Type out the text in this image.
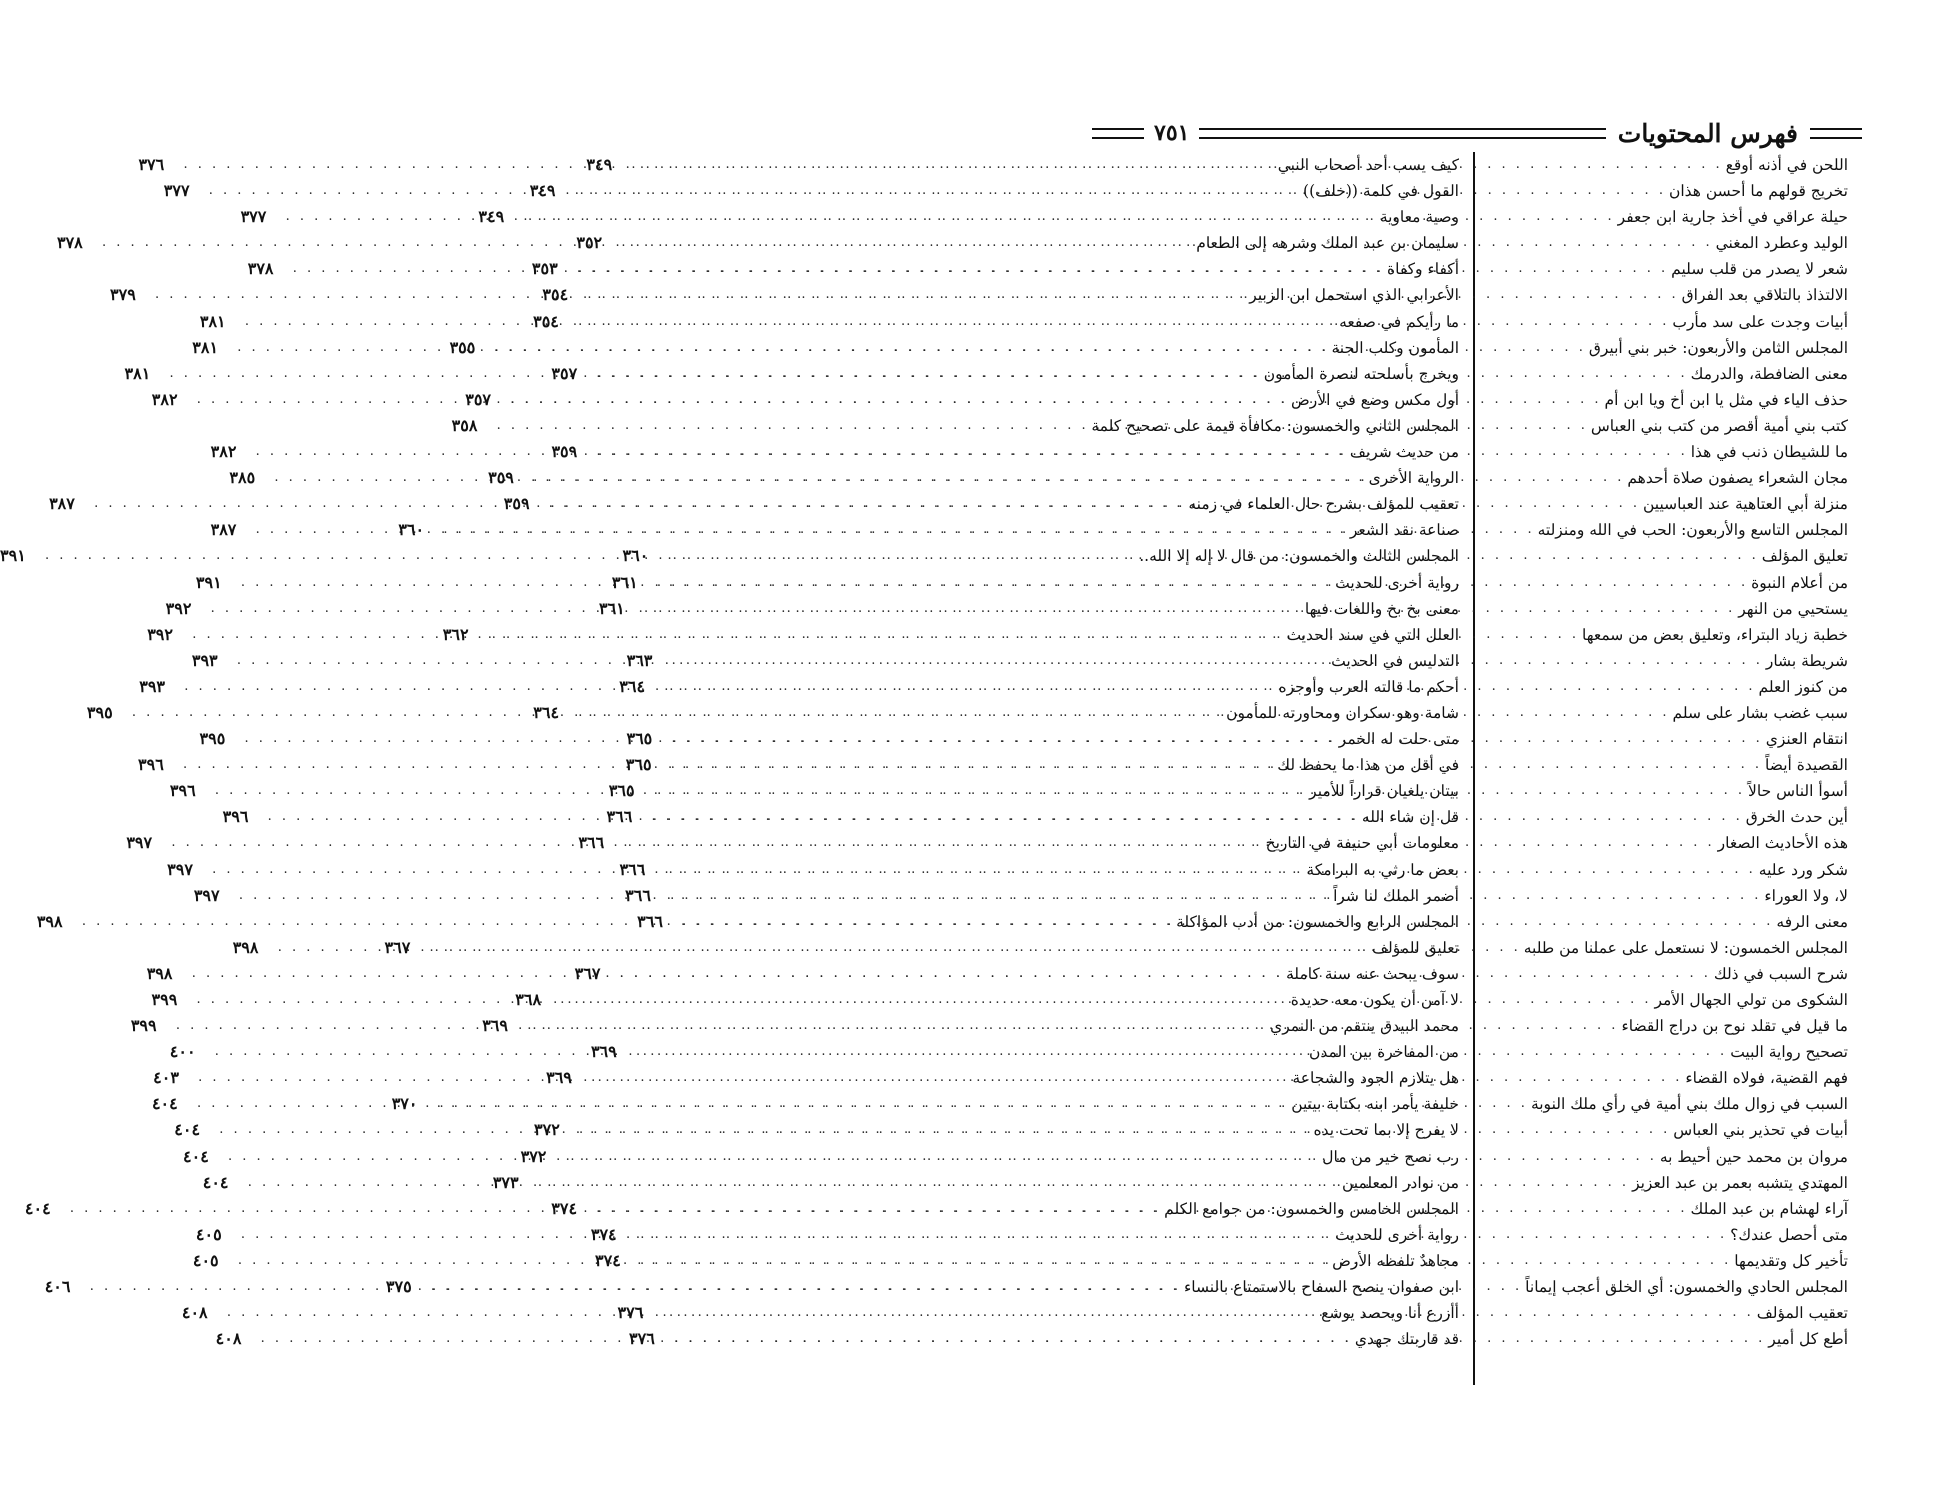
فهرس المحتويات
٧٥١
اللحن في أذنه أوقع
. . .
٣٤٩
تخريج قولهم ما أحسن هذان
. . .
٣٤٩
حيلة عراقي في أخذ جارية ابن جعفر
. . .
٣٤٩
الوليد وعطرد المغني
. . .
٣٥٢
شعر لا يصدر من قلب سليم
. . .
٣٥٣
الالتذاذ بالتلاقي بعد الفراق
. . .
٣٥٤
أبيات وجدت على سد مأرب
. . .
٣٥٤
المجلس الثامن والأربعون: خبر بني أبيرق
. . .
٣٥٥
معنى الضافطة، والدرمك
. . .
٣٥٧
حذف الياء في مثل يا ابن أخ ويا ابن أم
. . .
٣٥٧
كتب بني أمية أقصر من كتب بني العباس
. . .
٣٥٨
ما للشيطان ذنب في هذا
. . .
٣٥٩
مجان الشعراء يصفون صلاة أحدهم
. . .
٣٥٩
منزلة أبي العتاهية عند العباسيين
. . .
٣٥٩
المجلس التاسع والأربعون: الحب في الله ومنزلته
. . .
٣٦٠
تعليق المؤلف
. . .
٣٦٠
من أعلام النبوة
. . .
٣٦١
يستحيي من النهر
. . .
٣٦١
خطبة زياد البتراء، وتعليق بعض من سمعها
. . .
٣٦٢
شريطة بشار
. . .
٣٦٣
من كنوز العلم
. . .
٣٦٤
سبب غضب بشار على سلم
. . .
٣٦٤
انتقام العنزي
. . .
٣٦٥
القصيدة أيضاً
. . .
٣٦٥
أسوأ الناس حالاً
. . .
٣٦٥
أين حدث الخرق
. . .
٣٦٦
هذه الأحاديث الصغار
. . .
٣٦٦
شكر ورد عليه
. . .
٣٦٦
لا، ولا العوراء
. . .
٣٦٦
معنى الرفه
. . .
٣٦٦
المجلس الخمسون: لا نستعمل على عملنا من طلبه
. . .
٣٦٧
شرح السبب في ذلك
. . .
٣٦٧
الشكوى من تولي الجهال الأمر
. . .
٣٦٨
ما قيل في تقلد نوح بن دراج القضاء
. . .
٣٦٩
تصحيح رواية البيت
. . .
٣٦٩
فهم القضية، فولاه القضاء
. . .
٣٦٩
السبب في زوال ملك بني أمية في رأي ملك النوبة
. . .
٣٧٠
أبيات في تحذير بني العباس
. . .
٣٧٢
مروان بن محمد حين أحيط به
. . .
٣٧٢
المهتدي يتشبه بعمر بن عبد العزيز
. . .
٣٧٣
آراء لهشام بن عبد الملك
. . .
٣٧٤
متى أحصل عندك؟
. . .
٣٧٤
تأخير كل وتقديمها
. . .
٣٧٤
المجلس الحادي والخمسون: أي الخلق أعجب إيماناً
. . .
٣٧٥
تعقيب المؤلف
. . .
٣٧٦
أطع كل أمير
. . .
٣٧٦
كيف يسب أحد أصحاب النبي
. . .
٣٧٦
القول في كلمة ((خلف))
. . .
٣٧٧
وصية معاوية
. . .
٣٧٧
سليمان بن عبد الملك وشرهه إلى الطعام
. . .
٣٧٨
أكفاء وكفاة
. . .
٣٧٨
الأعرابي الذي استحمل ابن الزبير
. . .
٣٧٩
ما رأيكم في صفعه
. . .
٣٨١
المأمون وكلب الجنة
. . .
٣٨١
ويخرج بأسلحته لنصرة المأمون
. . .
٣٨١
أول مكس وضع في الأرض
. . .
٣٨٢
المجلس الثاني والخمسون: مكافأة قيمة على تصحيح كلمة
من حديث شريف
. . .
٣٨٢
الرواية الأخرى
. . .
٣٨٥
تعقيب للمؤلف بشرح حال العلماء في زمنه
. . .
٣٨٧
صناعة نقد الشعر
. . .
٣٨٧
المجلس الثالث والخمسون: من قال لا إله إلا الله..
. . .
٣٩١
رواية أخرى للحديث
. . .
٣٩١
معنى بخ بخ واللغات فيها
. . .
٣٩٢
العلل التي في سند الحديث
. . .
٣٩٢
التدليس في الحديث
. . .
٣٩٣
أحكم ما قالته العرب وأوجزه
. . .
٣٩٣
شامة وهو سكران ومحاورته للمأمون
. . .
٣٩٥
متى حلت له الخمر
. . .
٣٩٥
في أقل من هذا ما يحفظ لك
. . .
٣٩٦
بيتان يلغيان قراراً للأمير
. . .
٣٩٦
قل إن شاء الله
. . .
٣٩٦
معلومات أبي حنيفة في التاريخ
. . .
٣٩٧
بعض ما رثي به البرامكة
. . .
٣٩٧
أضمر الملك لنا شراً
. . .
٣٩٧
المجلس الرابع والخمسون: من أدب المؤاكلة
. . .
٣٩٨
تعليق للمؤلف
. . .
٣٩٨
سوف يبحث عنه سنة كاملة
. . .
٣٩٨
لا آمن أن يكون معه حديدة
. . .
٣٩٩
محمد البيدق ينتقم من النمري
. . .
٣٩٩
من المفاخرة بين المدن
. . .
٤٠٠
هل يتلازم الجود والشجاعة
. . .
٤٠٣
خليفة يأمر ابنه بكتابة بيتين
. . .
٤٠٤
لا يفرح إلا بما تحت يده
. . .
٤٠٤
رب نصح خير من مال
. . .
٤٠٤
من نوادر المعلمين
. . .
٤٠٤
المجلس الخامس والخمسون: من جوامع الكلم
. . .
٤٠٤
رواية أخرى للحديث
. . .
٤٠٥
مجاهدٌ تلفظه الأرض
. . .
٤٠٥
ابن صفوان ينصح السفاح بالاستمتاع بالنساء
. . .
٤٠٦
أأزرع أنا ويحصد يوشع
. . .
٤٠٨
قد قاربتك جهدي
. . .
٤٠٨
